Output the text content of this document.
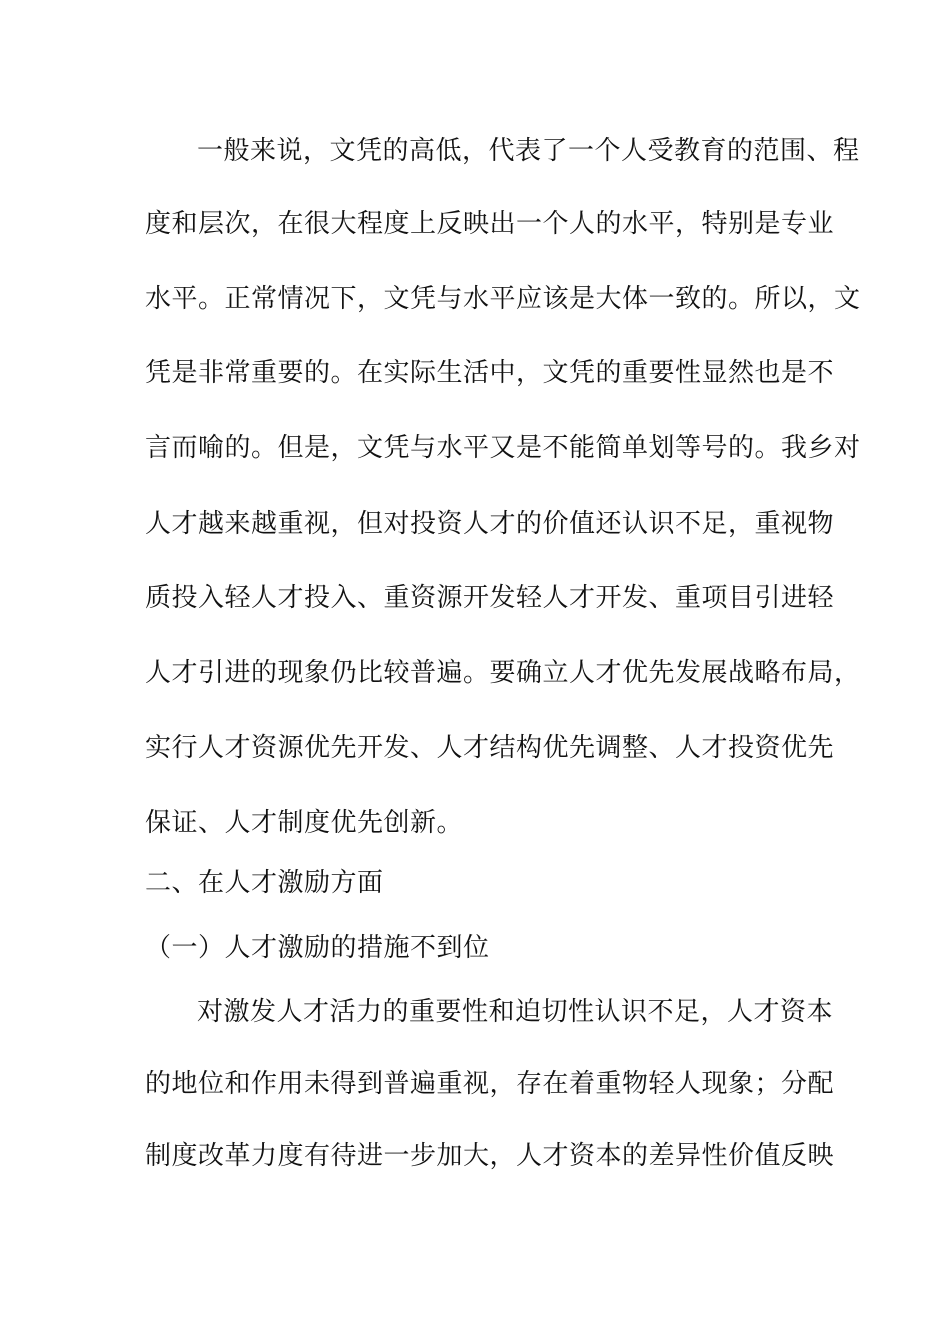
一般来说，文凭的高低，代表了一个人受教育的范围、程
度和层次，在很大程度上反映出一个人的水平，特别是专业
水平。正常情况下，文凭与水平应该是大体一致的。所以，文
凭是非常重要的。在实际生活中，文凭的重要性显然也是不
言而喻的。但是，文凭与水平又是不能简单划等号的。我乡对
人才越来越重视，但对投资人才的价值还认识不足，重视物
质投入轻人才投入、重资源开发轻人才开发、重项目引进轻
人才引进的现象仍比较普遍。要确立人才优先发展战略布局，
实行人才资源优先开发、人才结构优先调整、人才投资优先
保证、人才制度优先创新。
二、在人才激励方面
（一）人才激励的措施不到位
对激发人才活力的重要性和迫切性认识不足，人才资本
的地位和作用未得到普遍重视，存在着重物轻人现象；分配
制度改革力度有待进一步加大，人才资本的差异性价值反映
